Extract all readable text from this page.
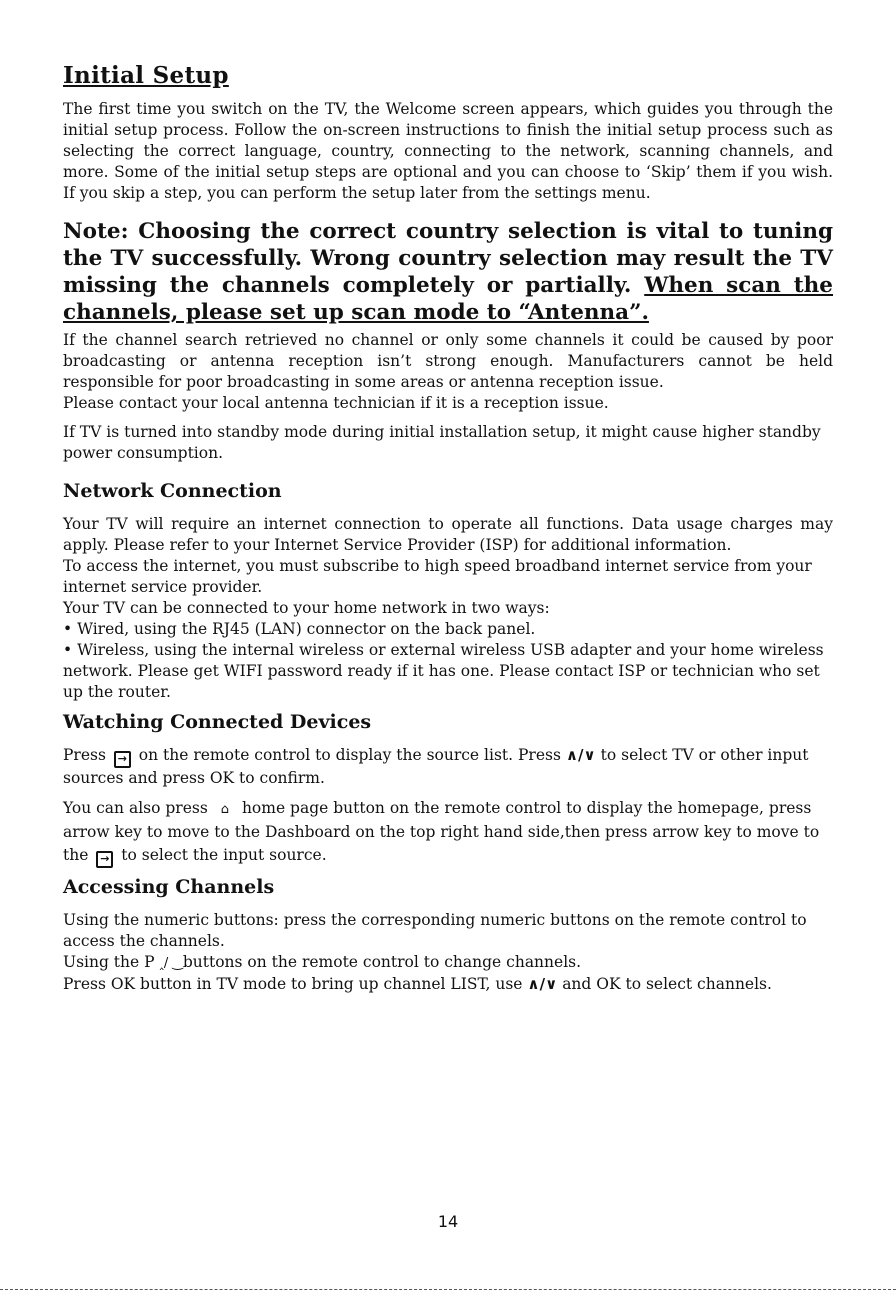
Initial Setup

The first time you switch on the TV, the Welcome screen appears, which guides you through the initial setup process. Follow the on-screen instructions to finish the initial setup process such as selecting the correct language, country, connecting to the network, scanning channels, and more. Some of the initial setup steps are optional and you can choose to ‘Skip’ them if you wish. If you skip a step, you can perform the setup later from the settings menu.

Note: Choosing the correct country selection is vital to tuning the TV successfully. Wrong country selection may result the TV missing the channels completely or partially. When scan the channels, please set up scan mode to “Antenna”.

If the channel search retrieved no channel or only some channels it could be caused by poor broadcasting or antenna reception isn’t strong enough. Manufacturers cannot be held responsible for poor broadcasting in some areas or antenna reception issue.

Please contact your local antenna technician if it is a reception issue.

If TV is turned into standby mode during initial installation setup, it might cause higher standby power consumption.

Network Connection

Your TV will require an internet connection to operate all functions. Data usage charges may apply. Please refer to your Internet Service Provider (ISP) for additional information.

To access the internet, you must subscribe to high speed broadband internet service from your internet service provider.

Your TV can be connected to your home network in two ways:

• Wired, using the RJ45 (LAN) connector on the back panel.

• Wireless, using the internal wireless or external wireless USB adapter and your home wireless network. Please get WIFI password ready if it has one. Please contact ISP or technician who set up the router.

Watching Connected Devices

Press → on the remote control to display the source list. Press ∧/∨ to select TV or other input sources and press OK to confirm.

You can also press ⌂ home page button on the remote control to display the homepage, press arrow key to move to the Dashboard on the top right hand side,then press arrow key to move to the → to select the input source.

Accessing Channels

Using the numeric buttons: press the corresponding numeric buttons on the remote control to access the channels.

Using the P ‸/ ‿buttons on the remote control to change channels.

Press OK button in TV mode to bring up channel LIST, use ∧/∨ and OK to select channels.

14
